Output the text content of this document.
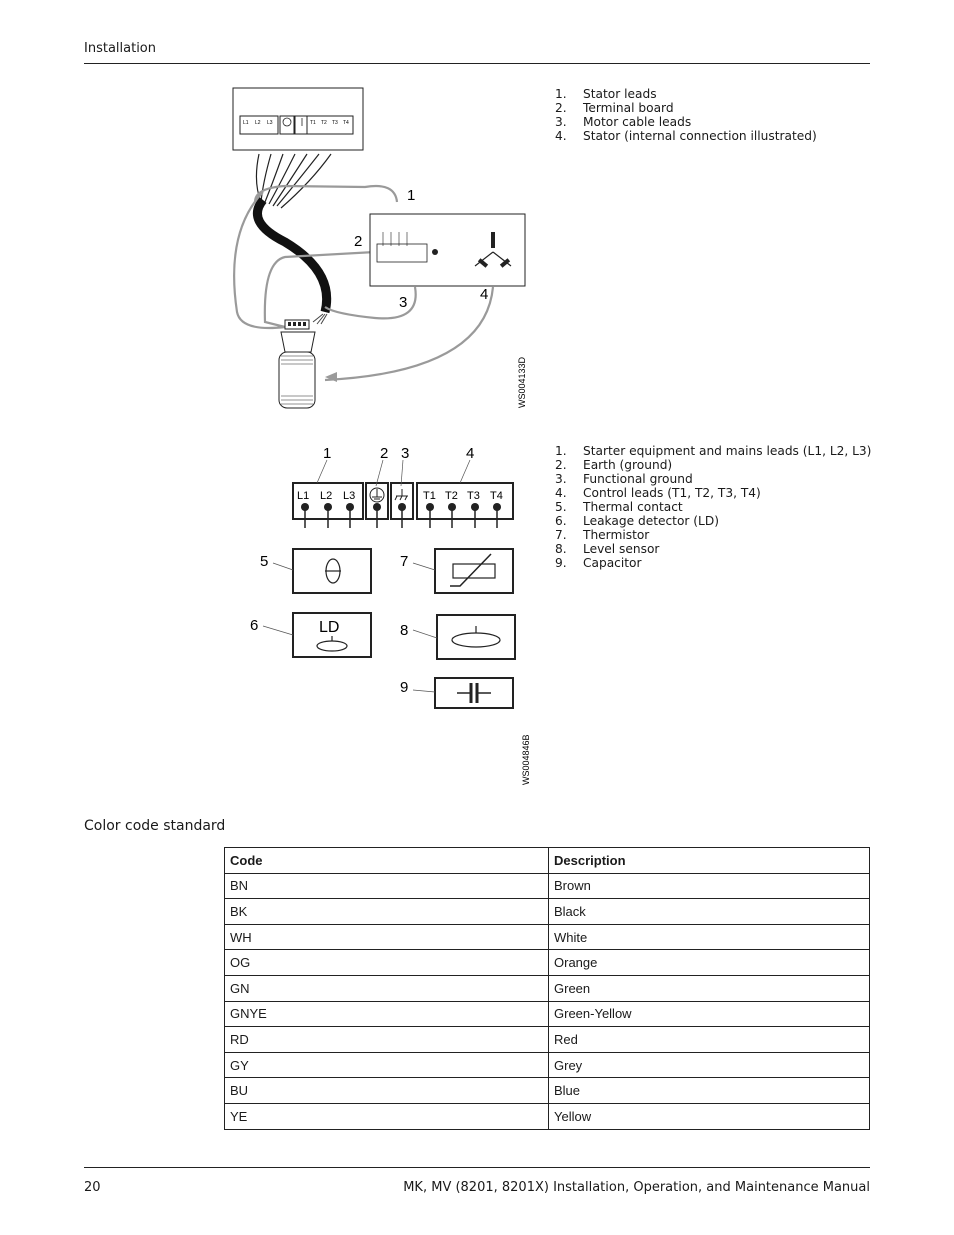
Installation
L1 L2 L3	T1 T2 T3 T4
1
2
3	4
WS004133D
1. Stator leads
2. Terminal board
3. Motor cable leads
4. Stator (internal connection illustrated)
L1 L2 L3	T1 T2 T3 T4
1	2 3	4
5
LD
6
7
8
9
WS004846B
1. Starter equipment and mains leads (L1, L2, L3)
2. Earth (ground)
3. Functional ground
4. Control leads (T1, T2, T3, T4)
5. Thermal contact
6. Leakage detector (LD)
7. Thermistor
8. Level sensor
9. Capacitor
Color code standard
Code	Description
BN	Brown
BK	Black
WH	White
OG	Orange
GN	Green
GNYE	Green-Yellow
RD	Red
GY	Grey
BU	Blue
YE	Yellow
20	MK, MV (8201, 8201X) Installation, Operation, and Maintenance Manual
